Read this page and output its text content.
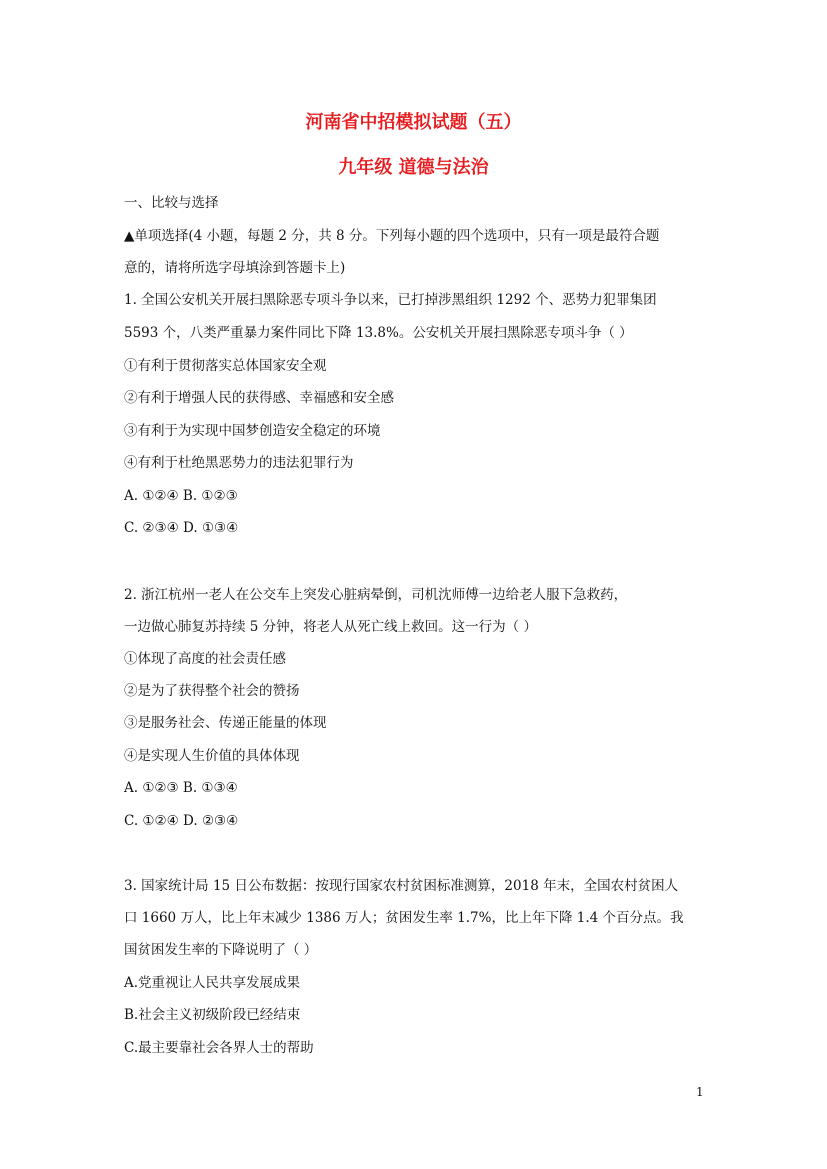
河南省中招模拟试题（五）
九年级 道德与法治
一、比较与选择
▲单项选择(4 小题，每题 2 分，共 8 分。下列每小题的四个选项中，只有一项是最符合题
意的，请将所选字母填涂到答题卡上)
1. 全国公安机关开展扫黑除恶专项斗争以来，已打掉涉黑组织 1292 个、恶势力犯罪集团
5593 个，八类严重暴力案件同比下降 13.8%。公安机关开展扫黑除恶专项斗争（ ）
①有利于贯彻落实总体国家安全观
②有利于增强人民的获得感、幸福感和安全感
③有利于为实现中国梦创造安全稳定的环境
④有利于杜绝黑恶势力的违法犯罪行为
A. ①②④ B. ①②③
C. ②③④ D. ①③④
2. 浙江杭州一老人在公交车上突发心脏病晕倒，司机沈师傅一边给老人服下急救药，
一边做心肺复苏持续 5 分钟，将老人从死亡线上救回。这一行为（ ）
①体现了高度的社会责任感
②是为了获得整个社会的赞扬
③是服务社会、传递正能量的体现
④是实现人生价值的具体体现
A. ①②③ B. ①③④
C. ①②④ D. ②③④
3. 国家统计局 15 日公布数据：按现行国家农村贫困标准测算，2018 年末，全国农村贫困人
口 1660 万人，比上年末减少 1386 万人；贫困发生率 1.7%，比上年下降 1.4 个百分点。我
国贫困发生率的下降说明了（ ）
A.党重视让人民共享发展成果
B.社会主义初级阶段已经结束
C.最主要靠社会各界人士的帮助
1
